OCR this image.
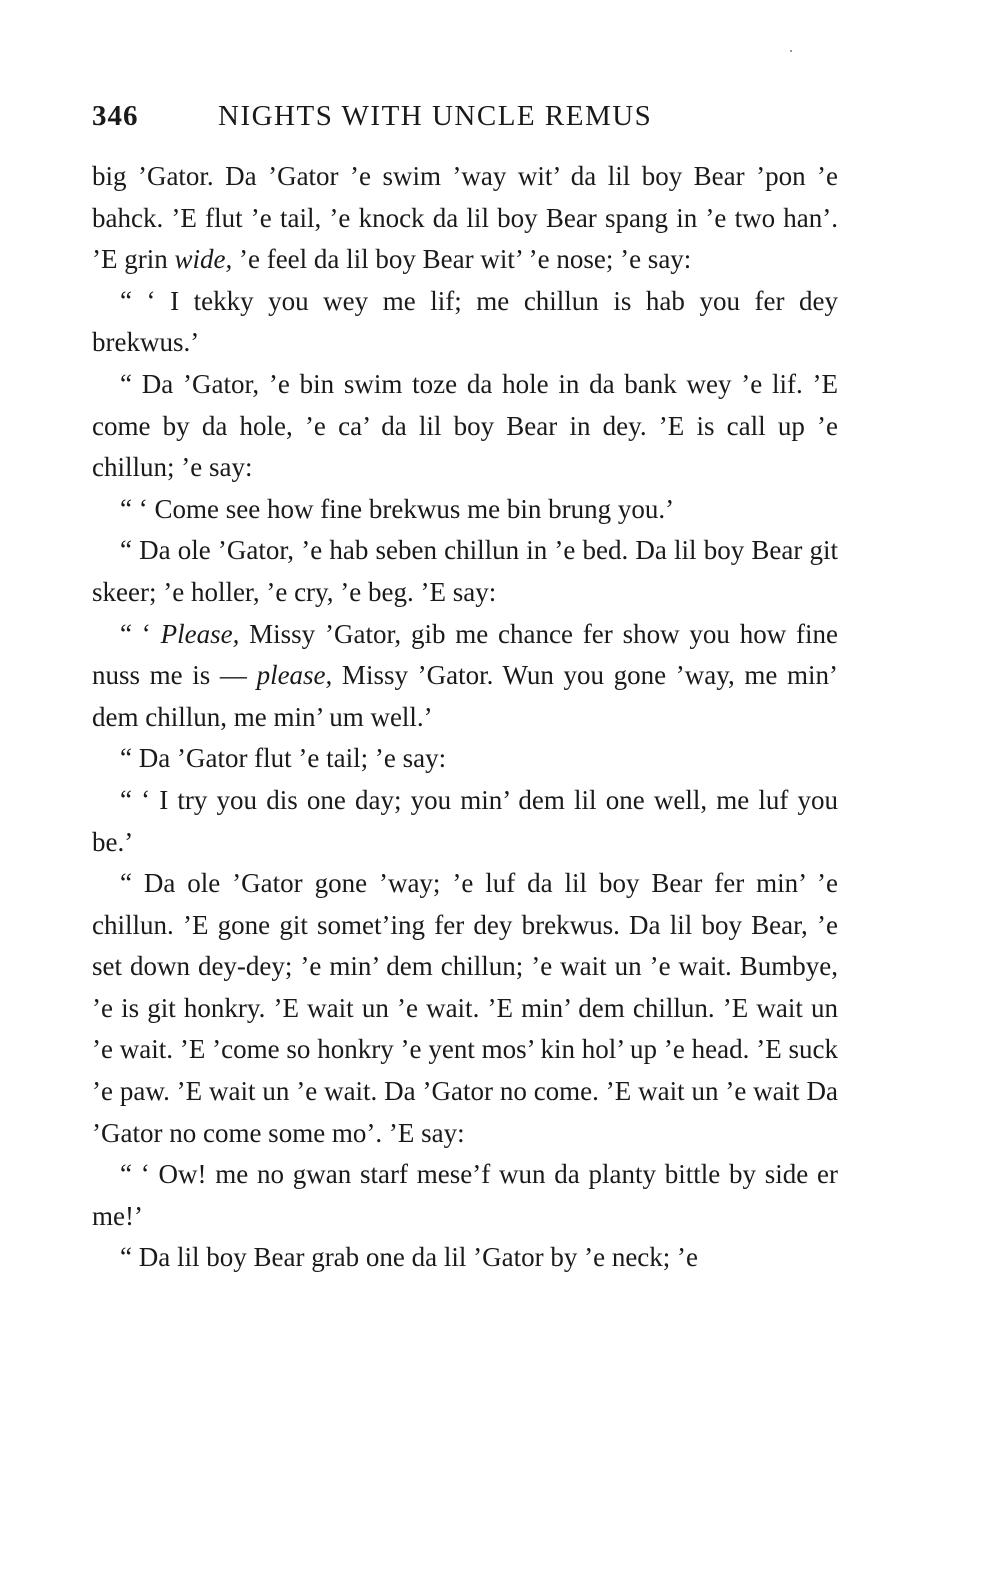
346	NIGHTS WITH UNCLE REMUS

big ’Gator. Da ’Gator ’e swim ’way wit’ da lil boy Bear ’pon ’e bahck. ’E flut ’e tail, ’e knock da lil boy Bear spang in ’e two han’. ’E grin wide, ’e feel da lil boy Bear wit’ ’e nose; ’e say:

“ ‘ I tekky you wey me lif; me chillun is hab you fer dey brekwus.’

“ Da ’Gator, ’e bin swim toze da hole in da bank wey ’e lif. ’E come by da hole, ’e ca’ da lil boy Bear in dey. ’E is call up ’e chillun; ’e say:

“ ‘ Come see how fine brekwus me bin brung you.’

“ Da ole ’Gator, ’e hab seben chillun in ’e bed. Da lil boy Bear git skeer; ’e holler, ’e cry, ’e beg. ’E say:

“ ‘ Please, Missy ’Gator, gib me chance fer show you how fine nuss me is — please, Missy ’Gator. Wun you gone ’way, me min’ dem chillun, me min’ um well.’

“ Da ’Gator flut ’e tail; ’e say:

“ ‘ I try you dis one day; you min’ dem lil one well, me luf you be.’

“ Da ole ’Gator gone ’way; ’e luf da lil boy Bear fer min’ ’e chillun. ’E gone git somet’ing fer dey brekwus. Da lil boy Bear, ’e set down dey-dey; ’e min’ dem chillun; ’e wait un ’e wait. Bumbye, ’e is git honkry. ’E wait un ’e wait. ’E min’ dem chillun. ’E wait un ’e wait. ’E ’come so honkry ’e yent mos’ kin hol’ up ’e head. ’E suck ’e paw. ’E wait un ’e wait. Da ’Gator no come. ’E wait un ’e wait Da ’Gator no come some mo’. ’E say:

“ ‘ Ow! me no gwan starf mese’f wun da planty bittle by side er me!’

“ Da lil boy Bear grab one da lil ’Gator by ’e neck; ’e
